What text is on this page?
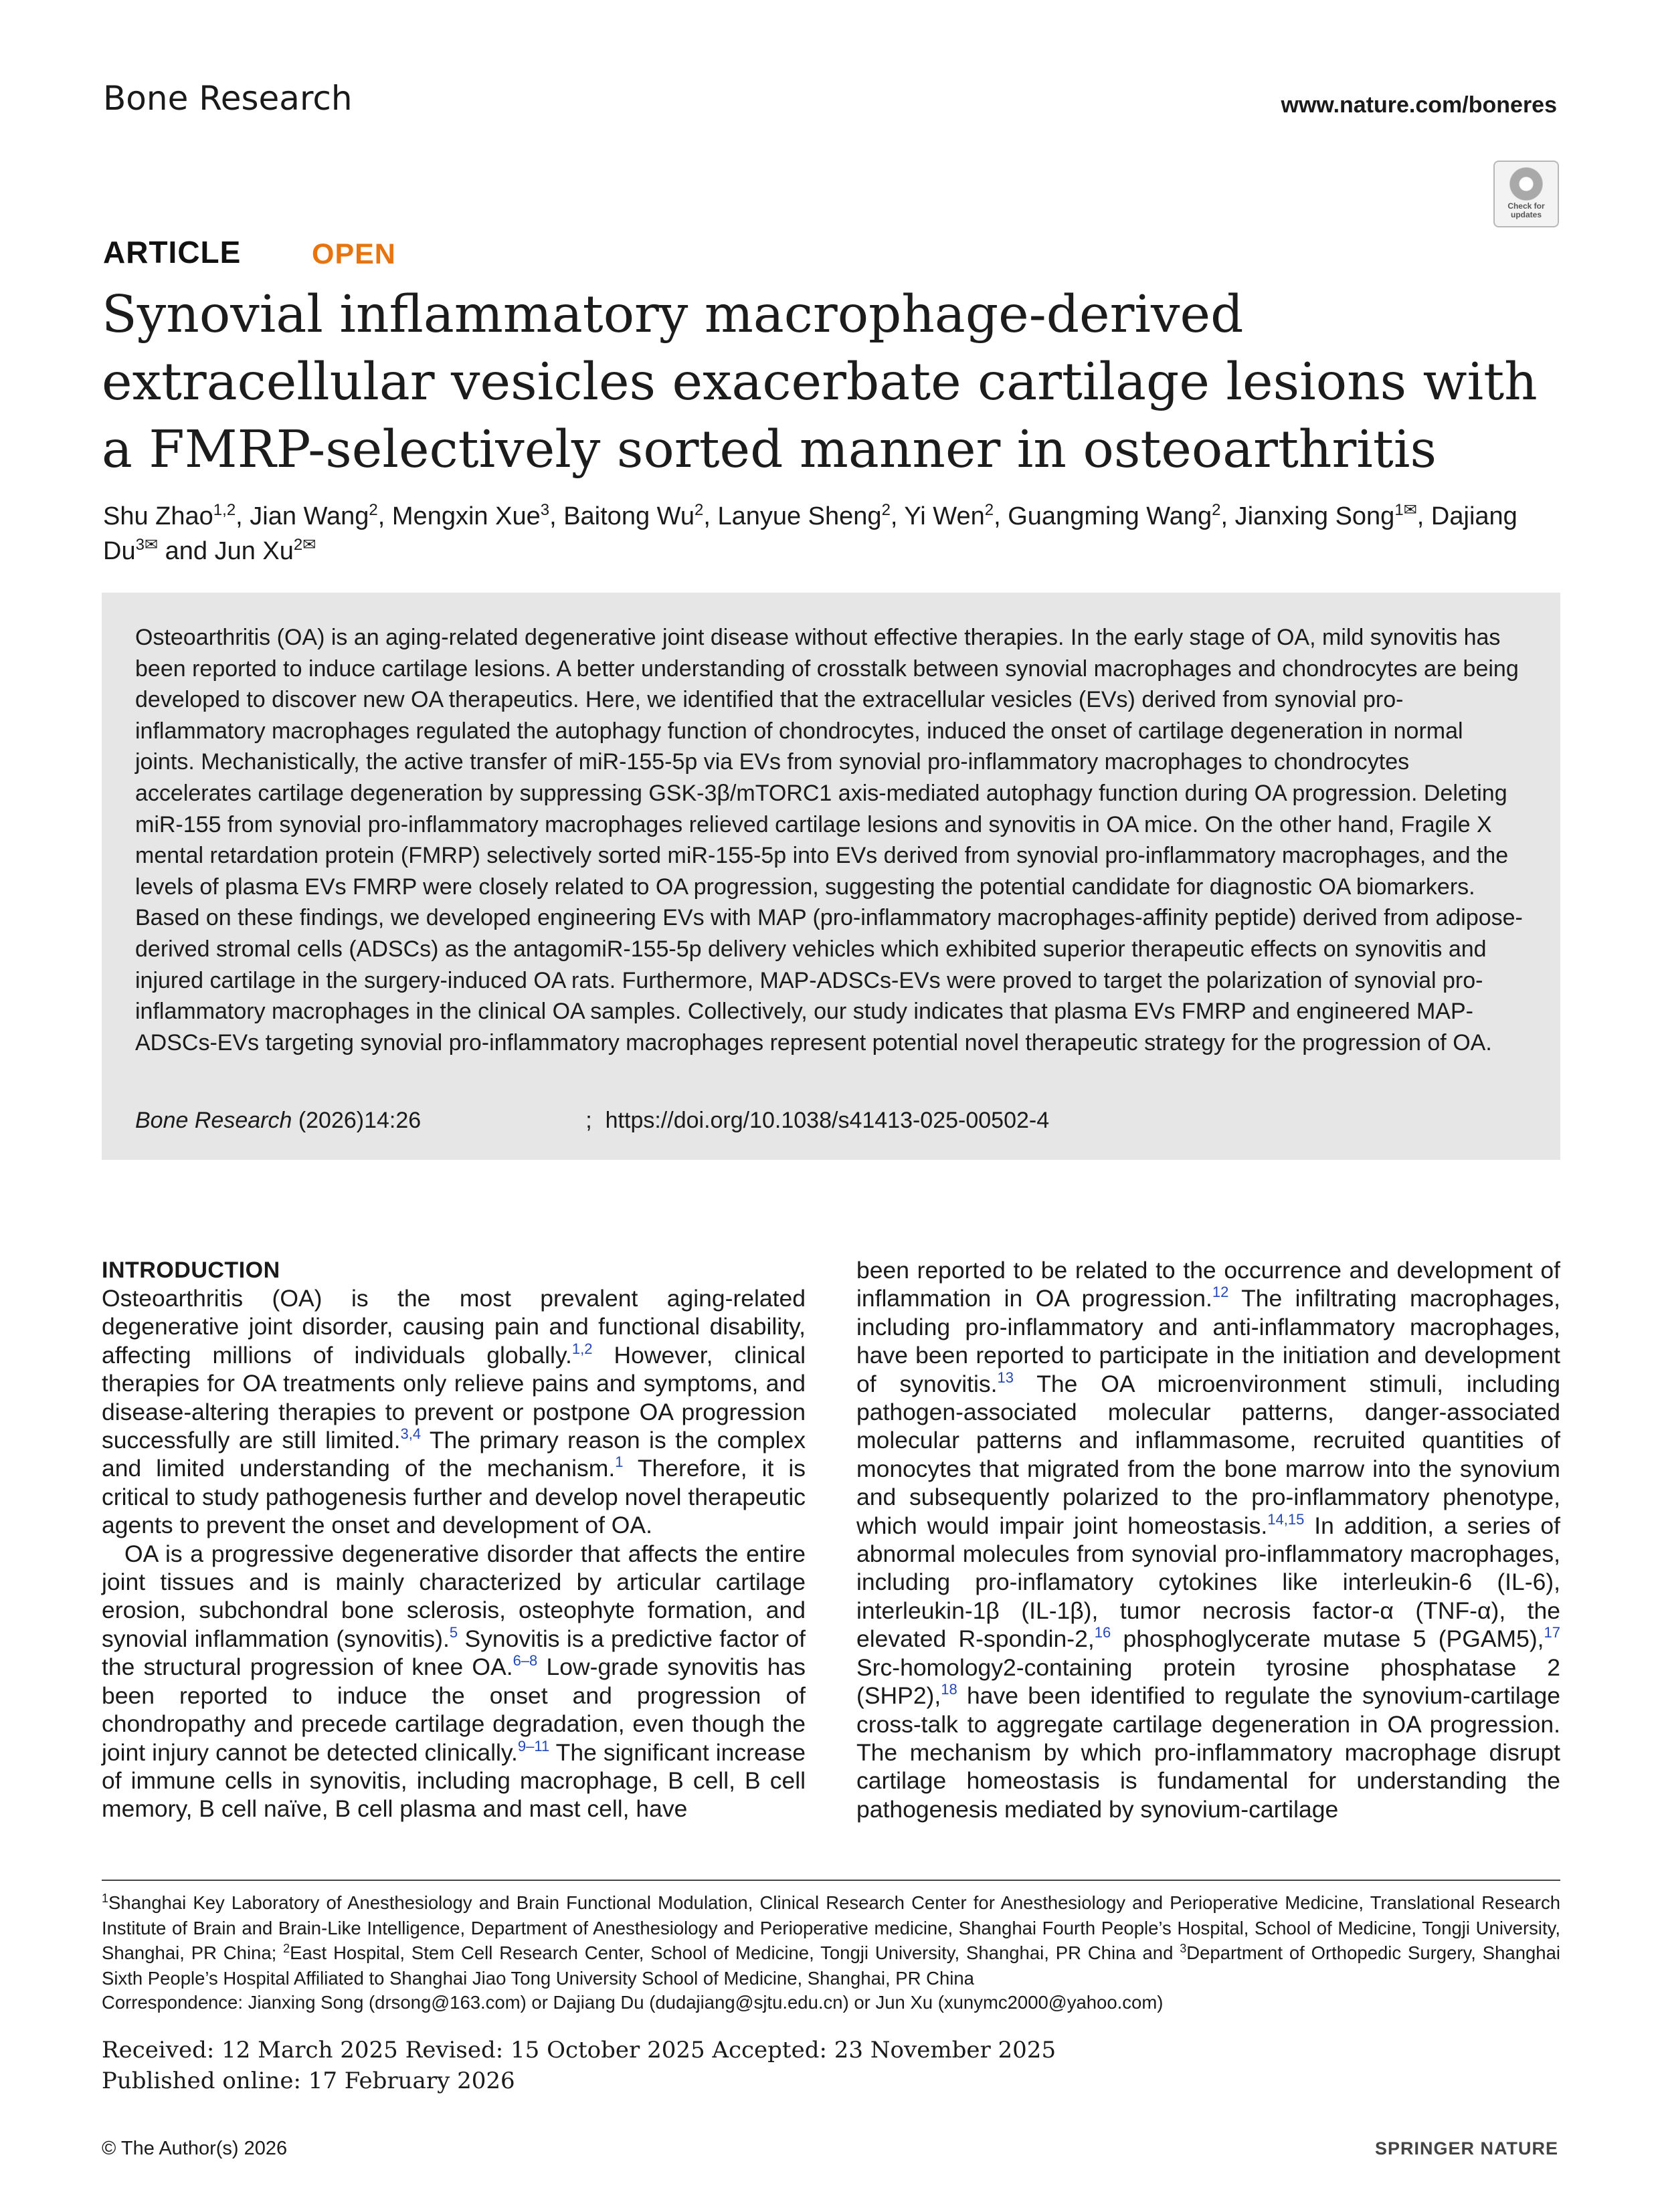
Bone Research	www.nature.com/boneres
Check for
updates
ARTICLE OPEN
Synovial inflammatory macrophage-derived extracellular vesicles exacerbate cartilage lesions with a FMRP-selectively sorted manner in osteoarthritis
Shu Zhao$^{1,2}$, Jian Wang$^2$, Mengxin Xue$^3$, Baitong Wu$^2$, Lanyue Sheng$^2$, Yi Wen$^2$, Guangming Wang$^2$, Jianxing Song$^{1✉}$, Dajiang $Du^{3✉}$ and Jun $Xu^{2✉}$

Osteoarthritis (OA) is an aging-related degenerative joint disease without effective therapies. In the early stage of OA, mild synovitis has been reported to induce cartilage lesions. A better understanding of crosstalk between synovial macrophages and chondrocytes are being developed to discover new OA therapeutics. Here, we identified that the extracellular vesicles (EVs) derived from synovial pro-inflammatory macrophages regulated the autophagy function of chondrocytes, induced the onset of cartilage degeneration in normal joints. Mechanistically, the active transfer of miR-155-5p via EVs from synovial pro-inflammatory macrophages to chondrocytes accelerates cartilage degeneration by suppressing GSK-3β/mTORC1 axis-mediated autophagy function during OA progression. Deleting miR-155 from synovial pro-inflammatory macrophages relieved cartilage lesions and synovitis in OA mice. On the other hand, Fragile X mental retardation protein (FMRP) selectively sorted miR-155-5p into EVs derived from synovial pro-inflammatory macrophages, and the levels of plasma EVs FMRP were closely related to OA progression, suggesting the potential candidate for diagnostic OA biomarkers. Based on these findings, we developed engineering EVs with MAP (pro-inflammatory macrophages-affinity peptide) derived from adipose-derived stromal cells (ADSCs) as the antagomiR-155-5p delivery vehicles which exhibited superior therapeutic effects on synovitis and injured cartilage in the surgery-induced OA rats. Furthermore, MAP-ADSCs-EVs were proved to target the polarization of synovial pro-inflammatory macrophages in the clinical OA samples. Collectively, our study indicates that plasma EVs FMRP and engineered MAP-ADSCs-EVs targeting synovial pro-inflammatory macrophages represent potential novel therapeutic strategy for the progression of OA.

Bone Research (2026)14:26	; https://doi.org/10.1038/s41413-025-00502-4

INTRODUCTION

Osteoarthritis (OA) is the most prevalent aging-related degenerative joint disorder, causing pain and functional disability, affecting millions of individuals globally.$^{1,2}$ However, clinical therapies for OA treatments only relieve pains and symptoms, and disease-altering therapies to prevent or postpone OA progression successfully are still limited.$^{3,4}$ The primary reason is the complex and limited understanding of the mechanism.$^1$ Therefore, it is critical to study pathogenesis further and develop novel therapeutic agents to prevent the onset and development of OA.

OA is a progressive degenerative disorder that affects the entire joint tissues and is mainly characterized by articular cartilage erosion, subchondral bone sclerosis, osteophyte formation, and synovial inflammation (synovitis).$^5$ Synovitis is a predictive factor of the structural progression of knee OA.$^{6-8}$ Low-grade synovitis has been reported to induce the onset and progression of chondropathy and precede cartilage degradation, even though the joint injury cannot be detected clinically.$^{9-11}$ The significant increase of immune cells in synovitis, including macrophage, B cell, B cell memory, B cell naïve, B cell plasma and mast cell, have

been reported to be related to the occurrence and development of inflammation in OA progression.$^{12}$ The infiltrating macrophages, including pro-inflammatory and anti-inflammatory macrophages, have been reported to participate in the initiation and development of synovitis.$^{13}$ The OA microenvironment stimuli, including pathogen-associated molecular patterns, danger-associated molecular patterns and inflammasome, recruited quantities of monocytes that migrated from the bone marrow into the synovium and subsequently polarized to the pro-inflammatory phenotype, which would impair joint homeostasis.$^{14,15}$ In addition, a series of abnormal molecules from synovial pro-inflammatory macrophages, including pro-inflamatory cytokines like interleukin-6 (IL-6), interleukin-1β (IL-1β), tumor necrosis factor-α (TNF-α), the elevated R-spondin-2,16 phosphoglycerate mutase 5 (PGAM5),$^{17}$ Src-homology2-containing protein tyrosine phosphatase 2 (SHP2),$^{18}$ have been identified to regulate the synovium-cartilage cross-talk to aggregate cartilage degeneration in OA progression. The mechanism by which pro-inflammatory macrophage disrupt cartilage homeostasis is fundamental for understanding the pathogenesis mediated by synovium-cartilage

$^1$Shanghai Key Laboratory of Anesthesiology and Brain Functional Modulation, Clinical Research Center for Anesthesiology and Perioperative Medicine, Translational Research Institute of Brain and Brain-Like Intelligence, Department of Anesthesiology and Perioperative medicine, Shanghai Fourth People’s Hospital, School of Medicine, Tongji University, Shanghai, PR China; $^2$East Hospital, Stem Cell Research Center, School of Medicine, Tongji University, Shanghai, PR China and $^3$Department of Orthopedic Surgery, Shanghai Sixth People’s Hospital Affiliated to Shanghai Jiao Tong University School of Medicine, Shanghai, PR China
Correspondence: Jianxing Song (drsong@163.com) or Dajiang Du (dudajiang@sjtu.edu.cn) or Jun Xu (xunymc2000@yahoo.com)
Received: 12 March 2025 Revised: 15 October 2025 Accepted: 23 November 2025
Published online: 17 February 2026
© The Author(s) 2026	SPRINGER NATURE
